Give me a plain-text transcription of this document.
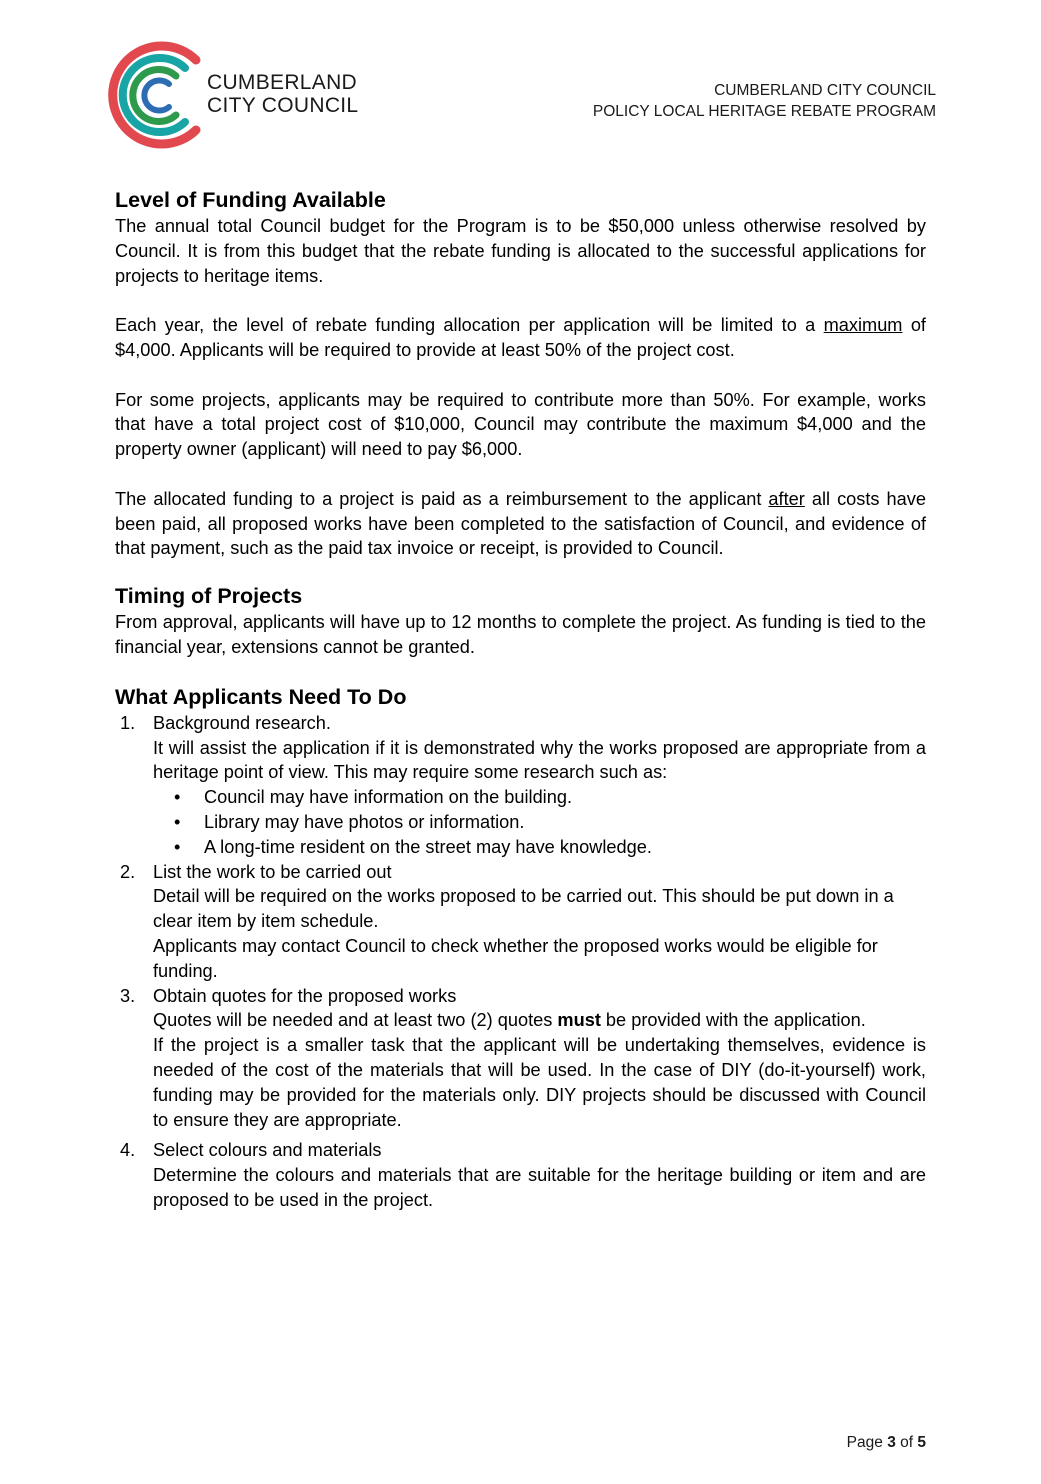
CUMBERLAND
CITY COUNCIL
CUMBERLAND CITY COUNCIL
POLICY LOCAL HERITAGE REBATE PROGRAM
Level of Funding Available

The annual total Council budget for the Program is to be $50,000 unless otherwise resolved by Council. It is from this budget that the rebate funding is allocated to the successful applications for projects to heritage items.

Each year, the level of rebate funding allocation per application will be limited to a maximum of $4,000. Applicants will be required to provide at least 50% of the project cost.

For some projects, applicants may be required to contribute more than 50%. For example, works that have a total project cost of $10,000, Council may contribute the maximum $4,000 and the property owner (applicant) will need to pay $6,000.

The allocated funding to a project is paid as a reimbursement to the applicant after all costs have been paid, all proposed works have been completed to the satisfaction of Council, and evidence of that payment, such as the paid tax invoice or receipt, is provided to Council.

Timing of Projects

From approval, applicants will have up to 12 months to complete the project. As funding is tied to the financial year, extensions cannot be granted.

What Applicants Need To Do
1. Background research.

It will assist the application if it is demonstrated why the works proposed are appropriate from a heritage point of view. This may require some research such as:

• Council may have information on the building.
• Library may have photos or information.
• A long-time resident on the street may have knowledge.
2. List the work to be carried out
Detail will be required on the works proposed to be carried out. This should be put down in a clear item by item schedule.
Applicants may contact Council to check whether the proposed works would be eligible for funding.
3. Obtain quotes for the proposed works

Quotes will be needed and at least two (2) quotes must be provided with the application.

If the project is a smaller task that the applicant will be undertaking themselves, evidence is needed of the cost of the materials that will be used. In the case of DIY (do-it-yourself) work, funding may be provided for the materials only. DIY projects should be discussed with Council to ensure they are appropriate.

4. Select colours and materials

Determine the colours and materials that are suitable for the heritage building or item and are proposed to be used in the project.

Page 3 of 5
